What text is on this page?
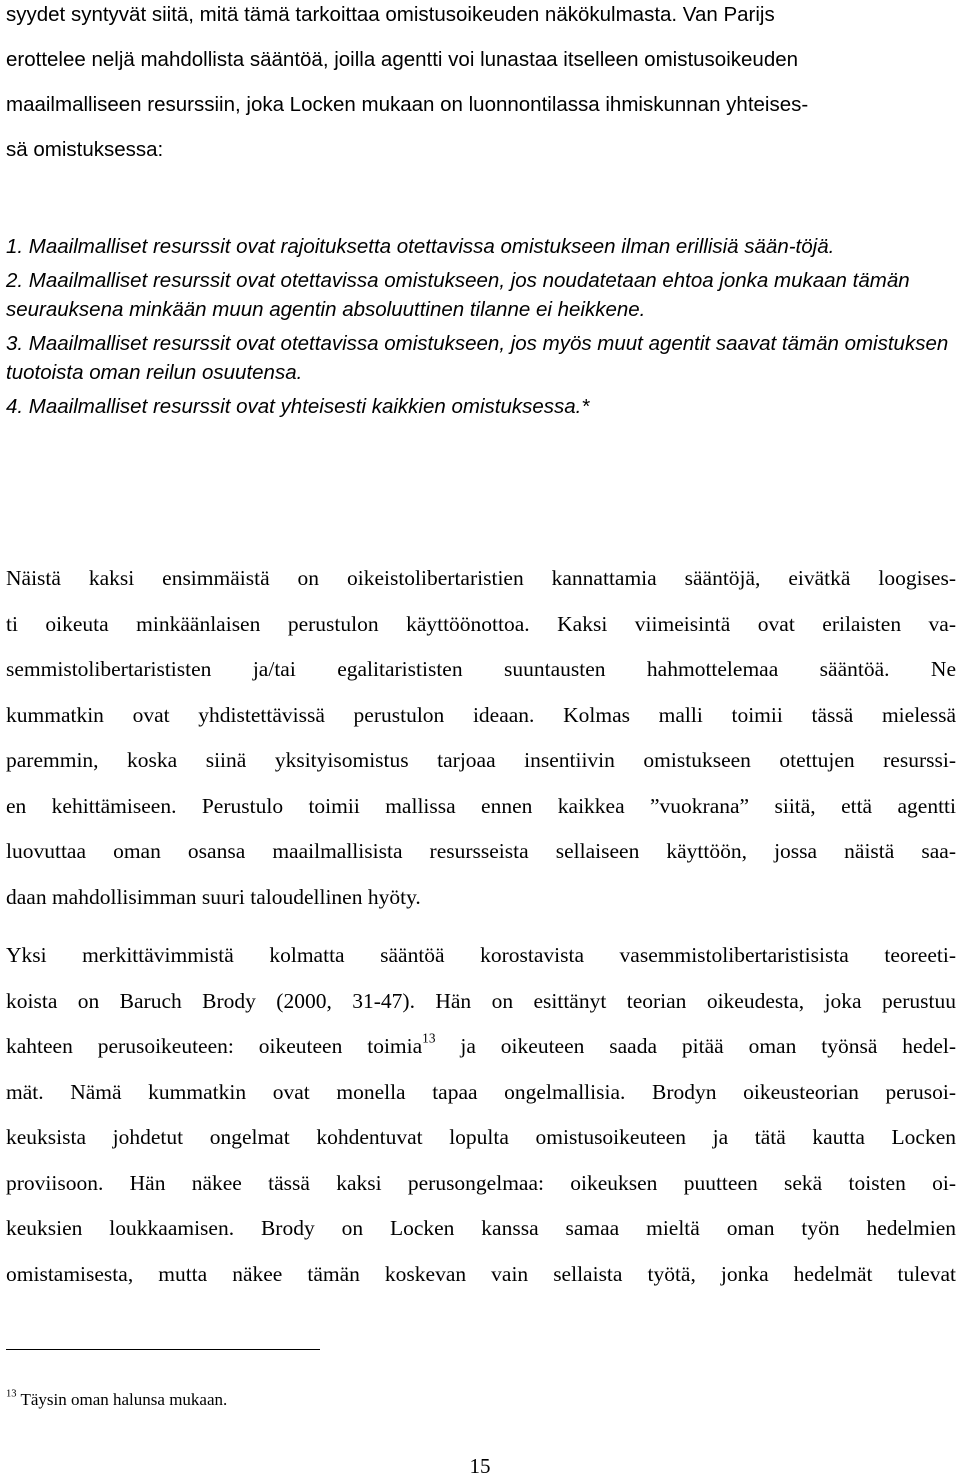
syydet syntyvät siitä, mitä tämä tarkoittaa omistusoikeuden näkökulmasta. Van Parijs
erottelee neljä mahdollista sääntöä, joilla agentti voi lunastaa itselleen omistusoikeuden
maailmalliseen resurssiin, joka Locken mukaan on luonnontilassa ihmiskunnan yhteises-
sä omistuksessa:
1. Maailmalliset resurssit ovat rajoituksetta otettavissa omistukseen ilman erillisiä sään-töjä.
2. Maailmalliset resurssit ovat otettavissa omistukseen, jos noudatetaan ehtoa jonka mukaan tämän seurauksena minkään muun agentin absoluuttinen tilanne ei heikkene.
3. Maailmalliset resurssit ovat otettavissa omistukseen, jos myös muut agentit saavat tämän omistuksen tuotoista oman reilun osuutensa.
4. Maailmalliset resurssit ovat yhteisesti kaikkien omistuksessa.*
Näistä kaksi ensimmäistä on oikeistolibertaristien kannattamia sääntöjä, eivätkä loogises-
ti oikeuta minkäänlaisen perustulon käyttöönottoa. Kaksi viimeisintä ovat erilaisten va-
semmistolibertarististen ja/tai egalitarististen suuntausten hahmottelemaa sääntöä. Ne
kummatkin ovat yhdistettävissä perustulon ideaan. Kolmas malli toimii tässä mielessä
paremmin, koska siinä yksityisomistus tarjoaa insentiivin omistukseen otettujen resurssi-
en kehittämiseen. Perustulo toimii mallissa ennen kaikkea ”vuokrana” siitä, että agentti
luovuttaa oman osansa maailmallisista resursseista sellaiseen käyttöön, jossa näistä saa-
daan mahdollisimman suuri taloudellinen hyöty.
Yksi merkittävimmistä kolmatta sääntöä korostavista vasemmistolibertaristisista teoreeti-
koista on Baruch Brody (2000, 31-47). Hän on esittänyt teorian oikeudesta, joka perustuu
kahteen perusoikeuteen: oikeuteen toimia$^{13}$ ja oikeuteen saada pitää oman työnsä hedel-
mät. Nämä kummatkin ovat monella tapaa ongelmallisia. Brodyn oikeusteorian perusoi-
keuksista johdetut ongelmat kohdentuvat lopulta omistusoikeuteen ja tätä kautta Locken
proviisoon. Hän näkee tässä kaksi perusongelmaa: oikeuksen puutteen sekä toisten oi-
keuksien loukkaamisen. Brody on Locken kanssa samaa mieltä oman työn hedelmien
omistamisesta, mutta näkee tämän koskevan vain sellaista työtä, jonka hedelmät tulevat

$^{13}$ Täysin oman halunsa mukaan.

15
